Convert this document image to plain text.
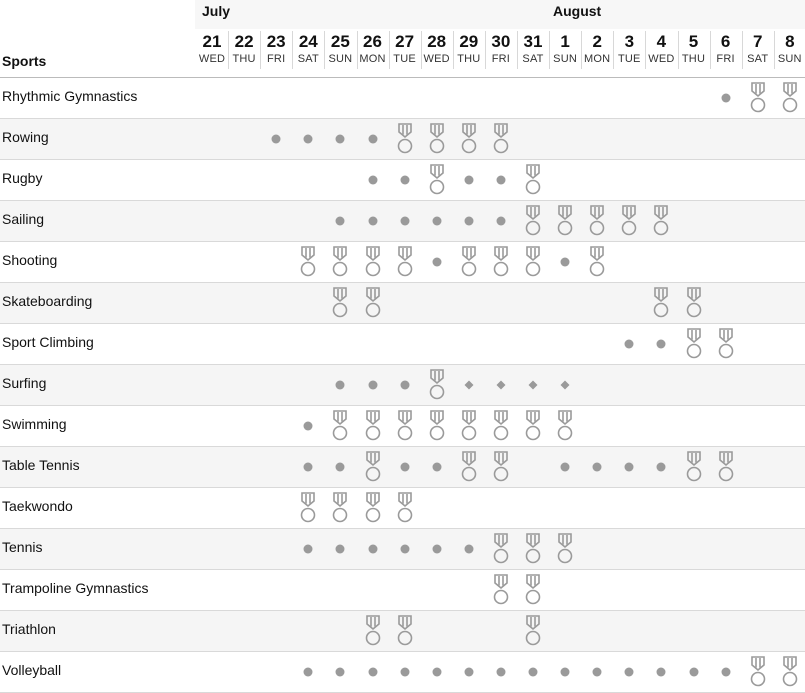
July	August
Sports
21
WED
22
THU
23
FRI
24
SAT
25
SUN
26
MON
27
TUE
28
WED
29
THU
30
FRI
31
SAT
1
SUN
2
MON
3
TUE
4
WED
5
THU
6
FRI
7
SAT
8
SUN
Rhythmic Gymnastics
Rowing
Rugby
Sailing
Shooting
Skateboarding
Sport Climbing
Surfing
Swimming
Table Tennis
Taekwondo
Tennis
Trampoline Gymnastics
Triathlon
Volleyball
